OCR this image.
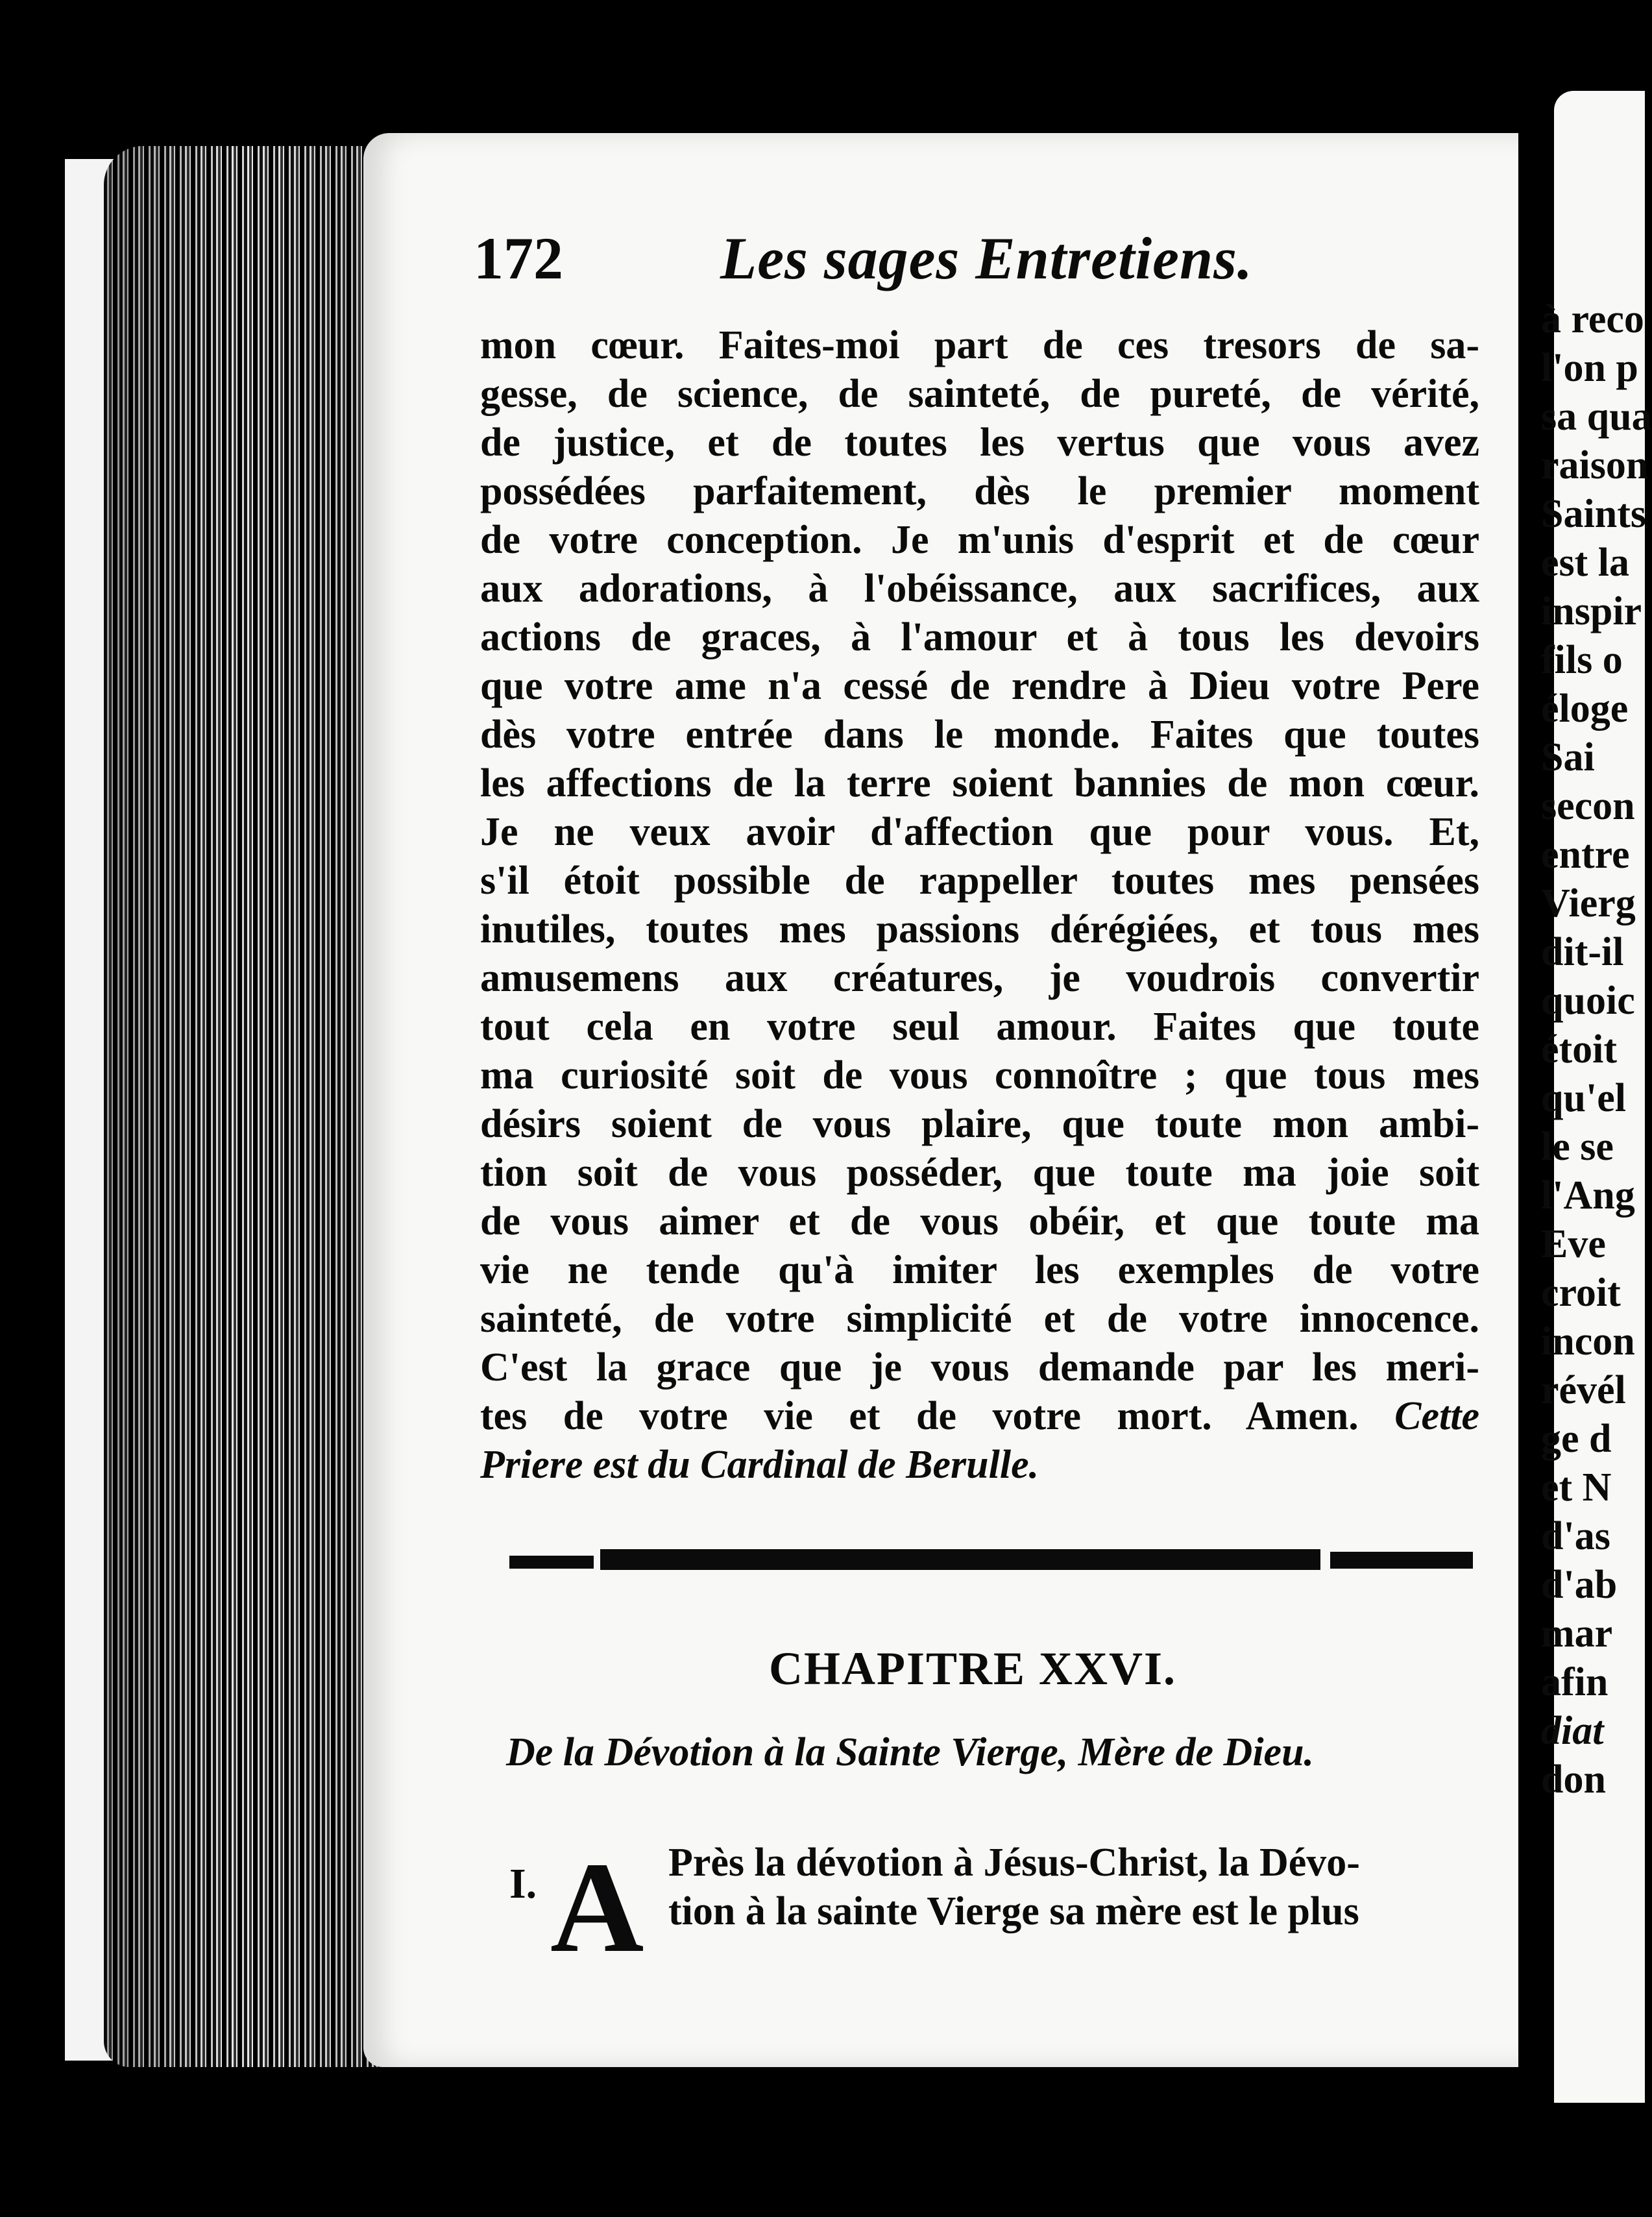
172	Les sages Entretiens.
mon cœur. Faites-moi part de ces tresors de sa-
gesse, de science, de sainteté, de pureté, de vérité,
de justice, et de toutes les vertus que vous avez
possédées parfaitement, dès le premier moment
de votre conception. Je m'unis d'esprit et de cœur
aux adorations, à l'obéissance, aux sacrifices, aux
actions de graces, à l'amour et à tous les devoirs
que votre ame n'a cessé de rendre à Dieu votre Pere
dès votre entrée dans le monde. Faites que toutes
les affections de la terre soient bannies de mon cœur.
Je ne veux avoir d'affection que pour vous. Et,
s'il étoit possible de rappeller toutes mes pensées
inutiles, toutes mes passions dérégiées, et tous mes
amusemens aux créatures, je voudrois convertir
tout cela en votre seul amour. Faites que toute
ma curiosité soit de vous connoître ; que tous mes
désirs soient de vous plaire, que toute mon ambi-
tion soit de vous posséder, que toute ma joie soit
de vous aimer et de vous obéir, et que toute ma
vie ne tende qu'à imiter les exemples de votre
sainteté, de votre simplicité et de votre innocence.
C'est la grace que je vous demande par les meri-
tes de votre vie et de votre mort. Amen. Cette
Priere est du Cardinal de Berulle.
CHAPITRE XXVI.
De la Dévotion à la Sainte Vierge, Mère de Dieu.
I. A Près la dévotion à Jésus-Christ, la Dévo-
tion à la sainte Vierge sa mère est le plus
à reco
l'on p
sa qua
raison
Saints
est la
inspir
fils o
éloge
Sai
secon
entre
Vierg
dit-il
quoic
étoit
qu'el
le se
l'Ang
Eve
croit
incon
révél
ge d
et N
d'as
d'ab
mar
afin
diat
don
